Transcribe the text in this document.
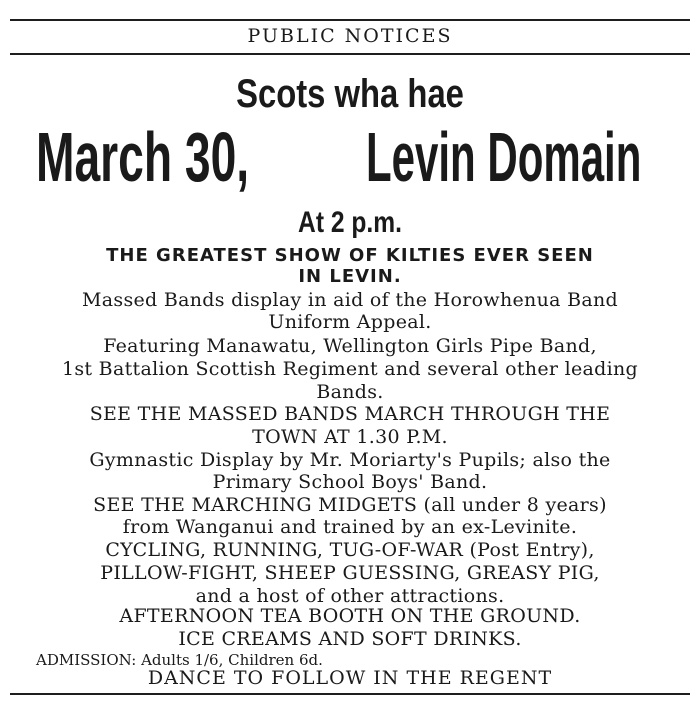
PUBLIC NOTICES
Scots wha hae
March 30, Levin Domain
At 2 p.m.
THE GREATEST SHOW OF KILTIES EVER SEEN
IN LEVIN.
Massed Bands display in aid of the Horowhenua Band
Uniform Appeal.
Featuring Manawatu, Wellington Girls Pipe Band,
1st Battalion Scottish Regiment and several other leading
Bands.
SEE THE MASSED BANDS MARCH THROUGH THE
TOWN AT 1.30 P.M.
Gymnastic Display by Mr. Moriarty's Pupils; also the
Primary School Boys' Band.
SEE THE MARCHING MIDGETS (all under 8 years)
from Wanganui and trained by an ex-Levinite.
CYCLING, RUNNING, TUG-OF-WAR (Post Entry),
PILLOW-FIGHT, SHEEP GUESSING, GREASY PIG,
and a host of other attractions.
AFTERNOON TEA BOOTH ON THE GROUND.
ICE CREAMS AND SOFT DRINKS.
ADMISSION: Adults 1/6, Children 6d.
DANCE TO FOLLOW IN THE REGENT
